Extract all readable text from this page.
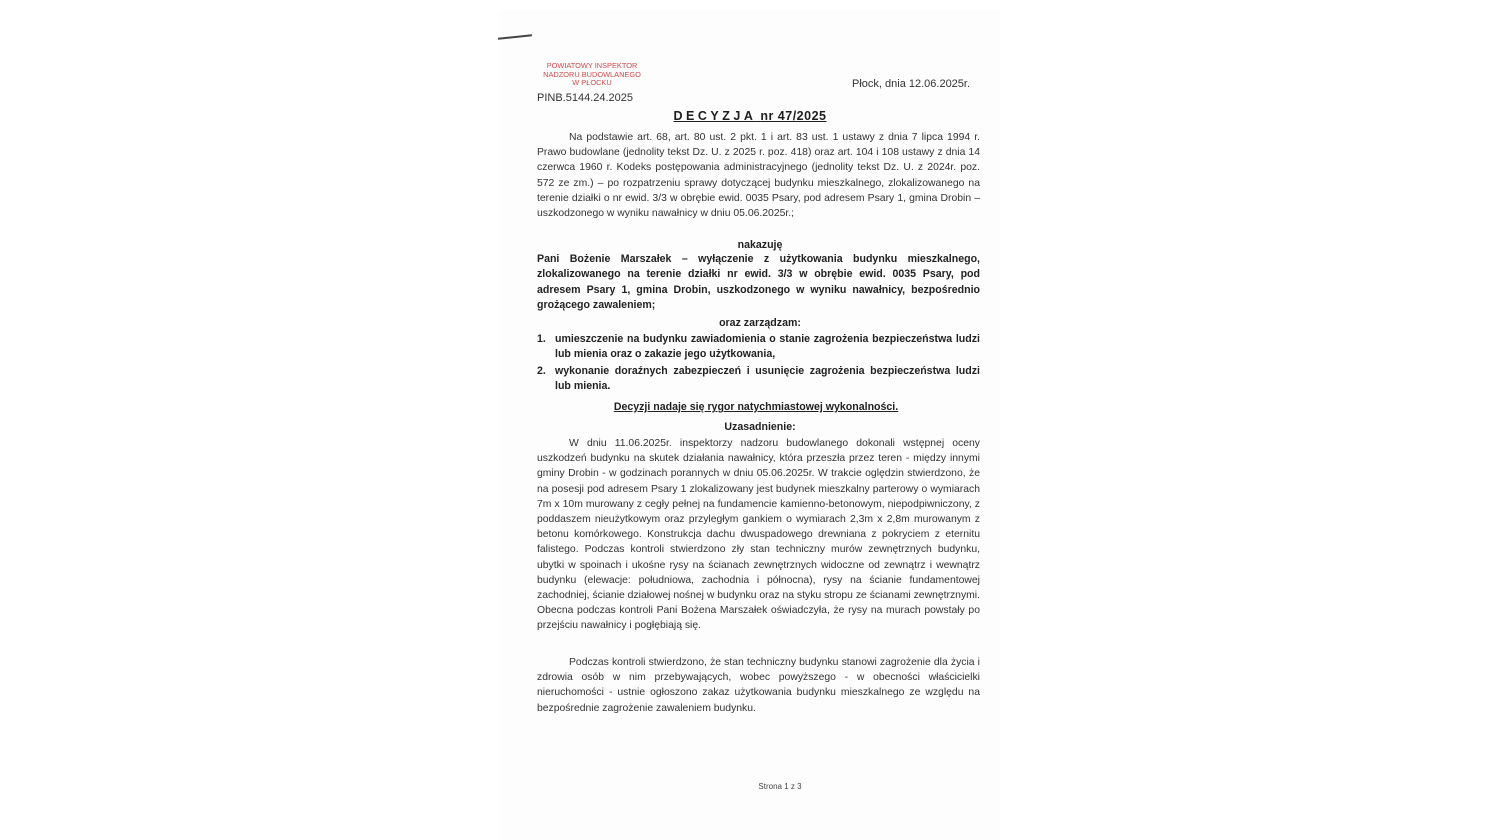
POWIATOWY INSPEKTOR
NADZORU BUDOWLANEGO
W PŁOCKU
PINB.5144.24.2025
Płock, dnia 12.06.2025r.
DECYZJA nr 47/2025
Na podstawie art. 68, art. 80 ust. 2 pkt. 1 i art. 83 ust. 1 ustawy z dnia 7 lipca 1994 r. Prawo budowlane (jednolity tekst Dz. U. z 2025 r. poz. 418) oraz art. 104 i 108 ustawy z dnia 14 czerwca 1960 r. Kodeks postępowania administracyjnego (jednolity tekst Dz. U. z 2024r. poz. 572 ze zm.) – po rozpatrzeniu sprawy dotyczącej budynku mieszkalnego, zlokalizowanego na terenie działki o nr ewid. 3/3 w obrębie ewid. 0035 Psary, pod adresem Psary 1, gmina Drobin – uszkodzonego w wyniku nawałnicy w dniu 05.06.2025r.;
nakazuję
Pani Bożenie Marszałek – wyłączenie z użytkowania budynku mieszkalnego, zlokalizowanego na terenie działki nr ewid. 3/3 w obrębie ewid. 0035 Psary, pod adresem Psary 1, gmina Drobin, uszkodzonego w wyniku nawałnicy, bezpośrednio grożącego zawaleniem;
oraz zarządzam:
1. umieszczenie na budynku zawiadomienia o stanie zagrożenia bezpieczeństwa ludzi lub mienia oraz o zakazie jego użytkowania,
2. wykonanie doraźnych zabezpieczeń i usunięcie zagrożenia bezpieczeństwa ludzi lub mienia.
Decyzji nadaje się rygor natychmiastowej wykonalności.
Uzasadnienie:
W dniu 11.06.2025r. inspektorzy nadzoru budowlanego dokonali wstępnej oceny uszkodzeń budynku na skutek działania nawałnicy, która przeszła przez teren - między innymi gminy Drobin - w godzinach porannych w dniu 05.06.2025r. W trakcie oględzin stwierdzono, że na posesji pod adresem Psary 1 zlokalizowany jest budynek mieszkalny parterowy o wymiarach 7m x 10m murowany z cegły pełnej na fundamencie kamienno-betonowym, niepodpiwniczony, z poddaszem nieużytkowym oraz przyległym gankiem o wymiarach 2,3m x 2,8m murowanym z betonu komórkowego. Konstrukcja dachu dwuspadowego drewniana z pokryciem z eternitu falistego. Podczas kontroli stwierdzono zły stan techniczny murów zewnętrznych budynku, ubytki w spoinach i ukośne rysy na ścianach zewnętrznych widoczne od zewnątrz i wewnątrz budynku (elewacje: południowa, zachodnia i północna), rysy na ścianie fundamentowej zachodniej, ścianie działowej nośnej w budynku oraz na styku stropu ze ścianami zewnętrznymi. Obecna podczas kontroli Pani Bożena Marszałek oświadczyła, że rysy na murach powstały po przejściu nawałnicy i pogłębiają się.
Podczas kontroli stwierdzono, że stan techniczny budynku stanowi zagrożenie dla życia i zdrowia osób w nim przebywających, wobec powyższego - w obecności właścicielki nieruchomości - ustnie ogłoszono zakaz użytkowania budynku mieszkalnego ze względu na bezpośrednie zagrożenie zawaleniem budynku.
Strona 1 z 3
